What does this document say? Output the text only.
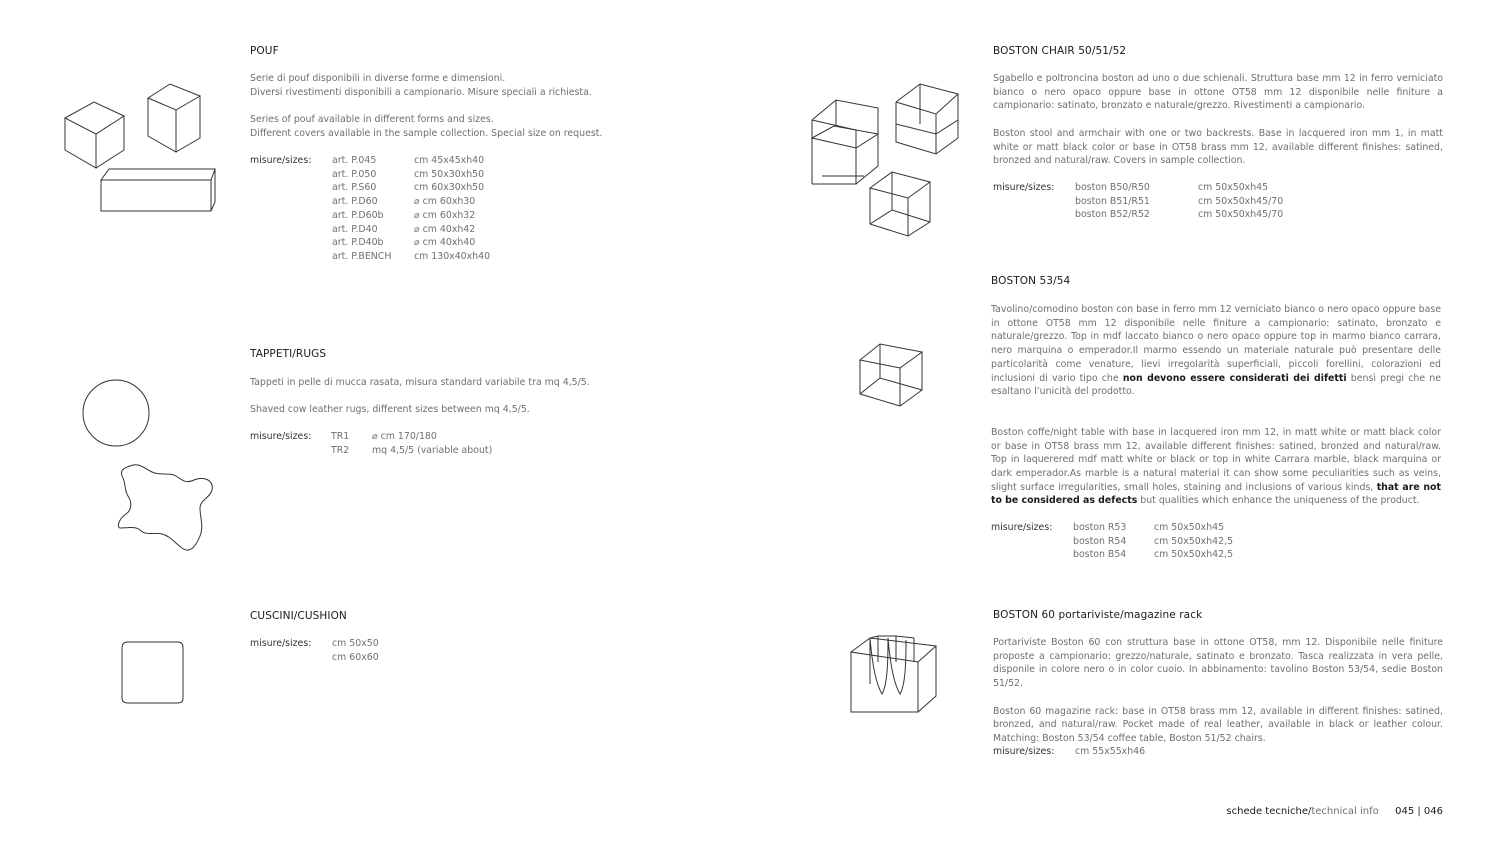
POUF

Serie di pouf disponibili in diverse forme e dimensioni.

Diversi rivestimenti disponibili a campionario. Misure speciali a richiesta.

Series of pouf available in different forms and sizes.

Different covers available in the sample collection. Special size on request.

misure/sizes: art. P.045
art. P.050
art. P.S60
art. P.D60
art. P.D60b
art. P.D40
art. P.D40b
art. P.BENCH
cm 45x45xh40
cm 50x30xh50
cm 60x30xh50
⌀ cm 60xh30
⌀ cm 60xh32
⌀ cm 40xh42
⌀ cm 40xh40
cm 130x40xh40
TAPPETI/RUGS

Tappeti in pelle di mucca rasata, misura standard variabile tra mq 4,5/5.

Shaved cow leather rugs, different sizes between mq 4,5/5.

misure/sizes: TR1
TR2
⌀ cm 170/180
mq 4,5/5 (variable about)
CUSCINI/CUSHION
misure/sizes: cm 50x50
cm 60x60
BOSTON CHAIR 50/51/52

Sgabello e poltroncina boston ad uno o due schienali. Struttura base mm 12 in ferro verniciato bianco o nero opaco oppure base in ottone OT58 mm 12 disponibile nelle finiture a campionario: satinato, bronzato e naturale/grezzo. Rivestimenti a campionario.

Boston stool and armchair with one or two backrests. Base in lacquered iron mm 1, in matt white or matt black color or base in OT58 brass mm 12, available different finishes: satined, bronzed and natural/raw. Covers in sample collection.

misure/sizes: boston B50/R50
boston B51/R51
boston B52/R52
cm 50x50xh45
cm 50x50xh45/70
cm 50x50xh45/70
BOSTON 53/54

Tavolino/comodino boston con base in ferro mm 12 verniciato bianco o nero opaco oppure base in ottone OT58 mm 12 disponibile nelle finiture a campionario: satinato, bronzato e naturale/grezzo. Top in mdf laccato bianco o nero opaco oppure top in marmo bianco carrara, nero marquina o emperador.Il marmo essendo un materiale naturale può presentare delle particolarità come venature, lievi irregolarità superficiali, piccoli forellini, colorazioni ed inclusioni di vario tipo che non devono essere considerati dei difetti bensì pregi che ne esaltano l’unicità del prodotto.

Boston coffe/night table with base in lacquered iron mm 12, in matt white or matt black color or base in OT58 brass mm 12, available different finishes: satined, bronzed and natural/raw. Top in laquerered mdf matt white or black or top in white Carrara marble, black marquina or dark emperador.As marble is a natural material it can show some peculiarities such as veins, slight surface irregularities, small holes, staining and inclusions of various kinds, that are not to be considered as defects but qualities which enhance the uniqueness of the product.

misure/sizes: boston R53
boston R54
boston B54
cm 50x50xh45
cm 50x50xh42,5
cm 50x50xh42,5
BOSTON 60 portariviste/magazine rack

Portariviste Boston 60 con struttura base in ottone OT58, mm 12. Disponibile nelle finiture proposte a campionario: grezzo/naturale, satinato e bronzato. Tasca realizzata in vera pelle, disponile in colore nero o in color cuoio. In abbinamento: tavolino Boston 53/54, sedie Boston 51/52.

Boston 60 magazine rack: base in OT58 brass mm 12, available in different finishes: satined, bronzed, and natural/raw. Pocket made of real leather, available in black or leather colour. Matching: Boston 53/54 coffee table, Boston 51/52 chairs.

misure/sizes: cm 55x55xh46
schede tecniche/technical info 045 | 046
